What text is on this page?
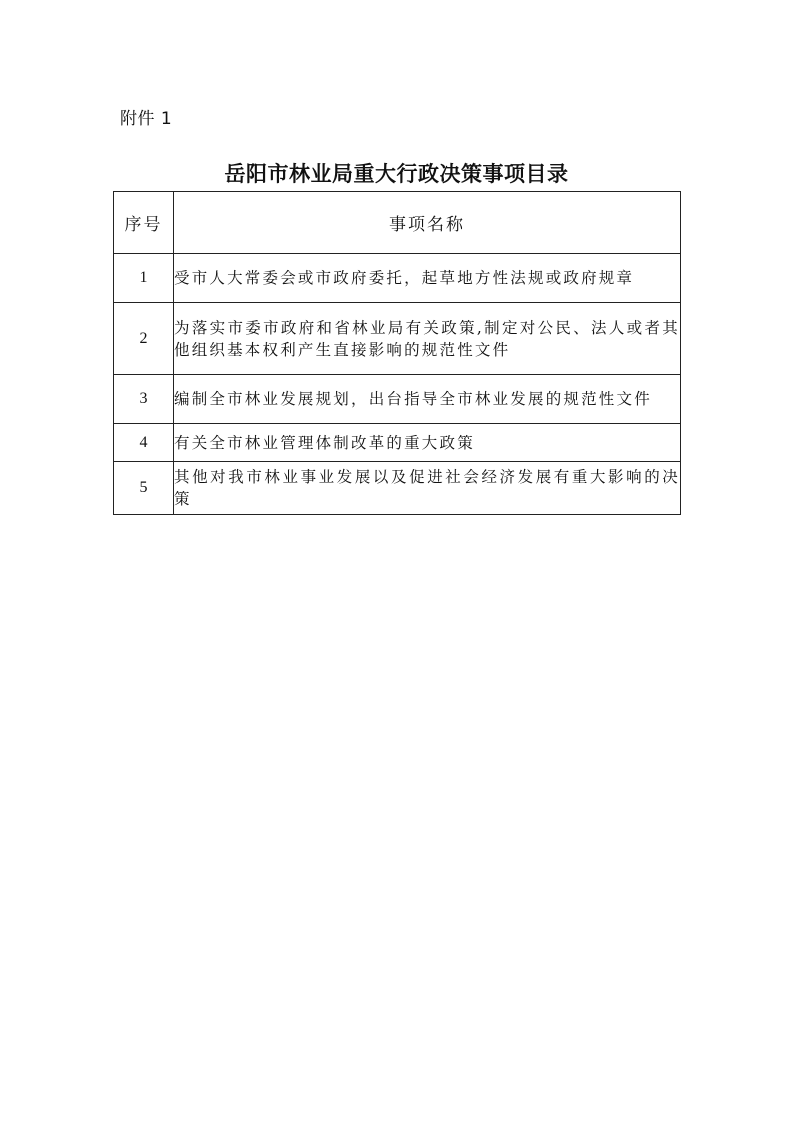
附件 1
岳阳市林业局重大行政决策事项目录
序号	事项名称
1	受市人大常委会或市政府委托，起草地方性法规或政府规章
2	为落实市委市政府和省林业局有关政策,制定对公民、法人或者其他组织基本权利产生直接影响的规范性文件
3	编制全市林业发展规划，出台指导全市林业发展的规范性文件
4	有关全市林业管理体制改革的重大政策
5	其他对我市林业事业发展以及促进社会经济发展有重大影响的决策
